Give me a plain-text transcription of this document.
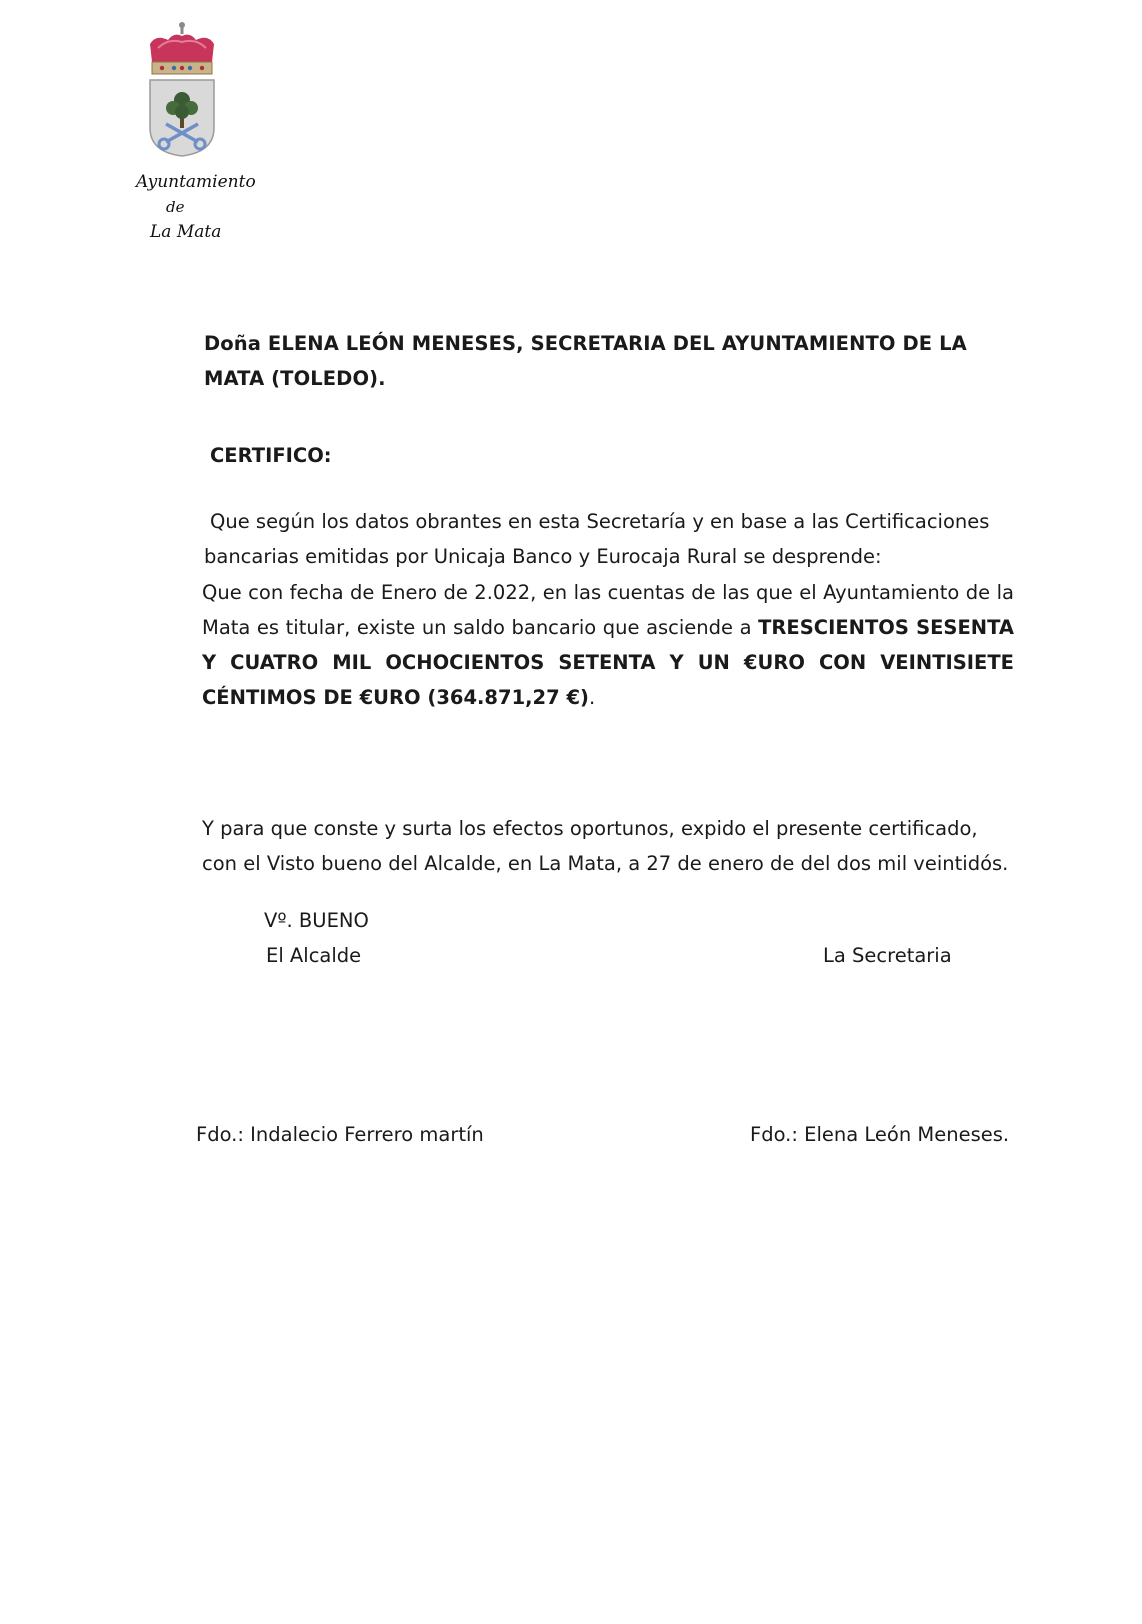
Ayuntamiento
de
La Mata
Doña ELENA LEÓN MENESES, SECRETARIA DEL AYUNTAMIENTO DE LA MATA (TOLEDO).
CERTIFICO:
Que según los datos obrantes en esta Secretaría y en base a las Certificaciones
bancarias emitidas por Unicaja Banco y Eurocaja Rural se desprende:
Que con fecha de Enero de 2.022, en las cuentas de las que el Ayuntamiento de la Mata es titular, existe un saldo bancario que asciende a TRESCIENTOS SESENTA Y CUATRO MIL OCHOCIENTOS SETENTA Y UN €URO CON VEINTISIETE CÉNTIMOS DE €URO (364.871,27 €).
Y para que conste y surta los efectos oportunos, expido el presente certificado, con el Visto bueno del Alcalde, en La Mata, a 27 de enero de del dos mil veintidós.
Vº. BUENO
El Alcalde	La Secretaria
Fdo.: Indalecio Ferrero martín	Fdo.: Elena León Meneses.
